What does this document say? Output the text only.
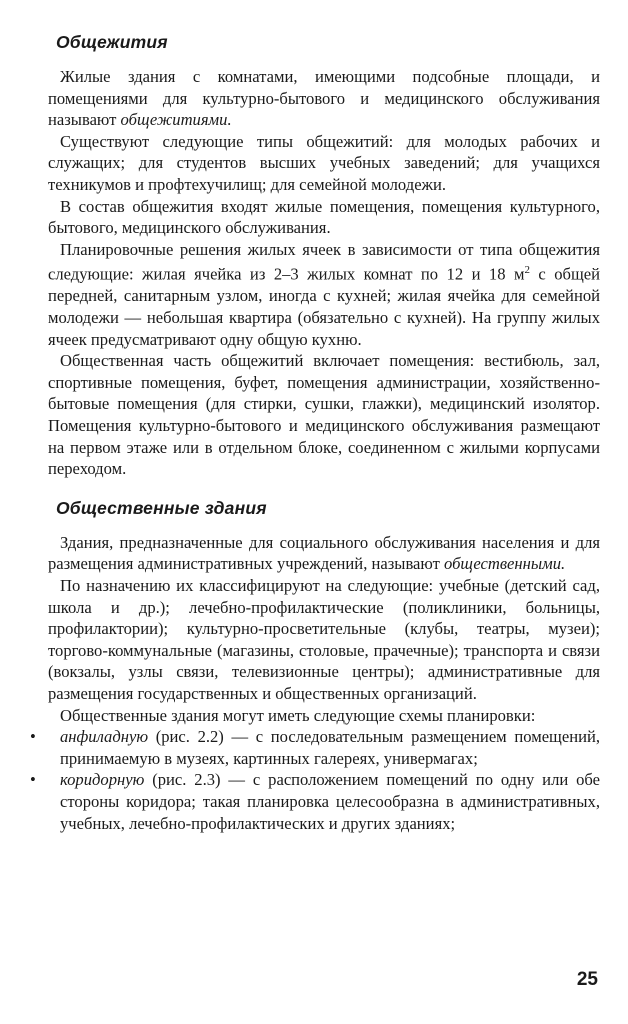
Общежития

Жилые здания с комнатами, имеющими подсобные площади, и помещениями для культурно-бытового и медицинского обслуживания называют общежитиями.

Существуют следующие типы общежитий: для молодых рабочих и служащих; для студентов высших учебных заведений; для учащихся техникумов и профтехучилищ; для семейной молодежи.

В состав общежития входят жилые помещения, помещения культурного, бытового, медицинского обслуживания.

Планировочные решения жилых ячеек в зависимости от типа общежития следующие: жилая ячейка из 2–3 жилых комнат по 12 и 18 $м^2$ с общей передней, санитарным узлом, иногда с кухней; жилая ячейка для семейной молодежи — небольшая квартира (обязательно с кухней). На группу жилых ячеек предусматривают одну общую кухню.

Общественная часть общежитий включает помещения: вестибюль, зал, спортивные помещения, буфет, помещения администрации, хозяйственно-бытовые помещения (для стирки, сушки, глажки), медицинский изолятор. Помещения культурно-бытового и медицинского обслуживания размещают на первом этаже или в отдельном блоке, соединенном с жилыми корпусами переходом.

Общественные здания

Здания, предназначенные для социального обслуживания населения и для размещения административных учреждений, называют общественными.

По назначению их классифицируют на следующие: учебные (детский сад, школа и др.); лечебно-профилактические (поликлиники, больницы, профилактории); культурно-просветительные (клубы, театры, музеи); торгово-коммунальные (магазины, столовые, прачечные); транспорта и связи (вокзалы, узлы связи, телевизионные центры); административные для размещения государственных и общественных организаций.

Общественные здания могут иметь следующие схемы планировки:

• анфиладную (рис. 2.2) — с последовательным размещением помещений, принимаемую в музеях, картинных галереях, универмагах;
• коридорную (рис. 2.3) — с расположением помещений по одну или обе стороны коридора; такая планировка целесообразна в административных, учебных, лечебно-профилактических и других зданиях;
25
